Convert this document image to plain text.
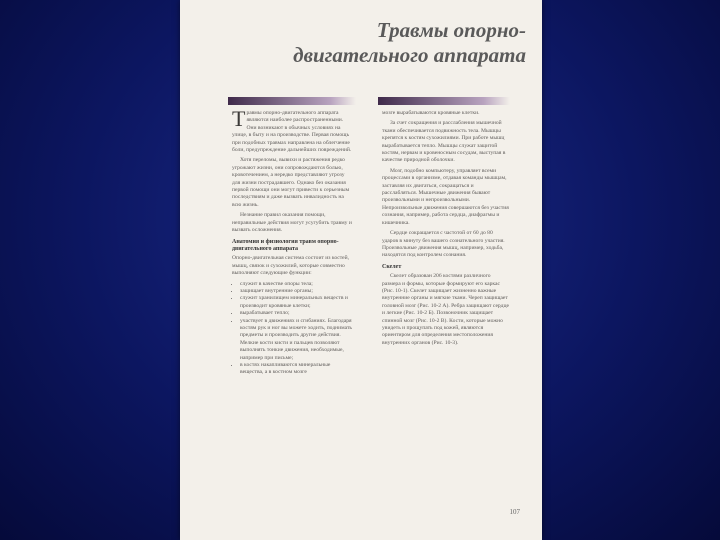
Травмы опорно-
двигательного аппарата

Травмы опорно-двигательного аппарата являются наиболее распространенными. Они возникают в обычных условиях на улице, в быту и на производстве. Первая помощь при подобных травмах направлена на облегчение боли, предупреждение дальнейших повреждений.

Хотя переломы, вывихи и растяжения редко угрожают жизни, они сопровождаются болью, кровотечением, а нередко представляют угрозу для жизни пострадавшего. Однако без оказания первой помощи они могут привести к серьезным последствиям и даже вызвать инвалидность на всю жизнь.

Незнание правил оказания помощи, неправильные действия могут усугубить травму и вызвать осложнения.

Анатомия и физиология травм опорно-двигательного аппарата

Опорно-двигательная система состоит из костей, мышц, связок и сухожилий, которые совместно выполняют следующие функции:

• служит в качестве опоры тела;
• защищает внутренние органы;
• служит хранилищем минеральных веществ и производит кровяные клетки;
• вырабатывает тепло;
• участвует в движениях и сгибаниях. Благодаря костям рук и ног вы можете ходить, поднимать предметы и производить другие действия. Мелкие кости кисти и пальцев позволяют выполнять тонкие движения, необходимые, например при письме;
• в костях накапливаются минеральные вещества, а в костном мозге

мозге вырабатываются кровяные клетки.

За счет сокращения и расслабления мышечной ткани обеспечивается подвижность тела. Мышцы крепятся к костям сухожилиями. При работе мышц вырабатывается тепло. Мышцы служат защитой костям, нервам и кровеносным сосудам, выступая в качестве природной оболочки.

Мозг, подобно компьютеру, управляет всеми процессами в организме, отдавая команды мышцам, заставляя их двигаться, сокращаться и расслабляться. Мышечные движения бывают произвольными и непроизвольными. Непроизвольные движения совершаются без участия сознания, например, работа сердца, диафрагмы и кишечника.

Сердце сокращается с частотой от 60 до 80 ударов в минуту без вашего сознательного участия. Произвольные движения мышц, например, ходьба, находятся под контролем сознания.

Скелет

Скелет образован 206 костями различного размера и формы, которые формируют его каркас (Рис. 10-1). Скелет защищает жизненно важные внутренние органы и мягкие ткани. Череп защищает головной мозг (Рис. 10-2 А). Ребра защищают сердце и легкие (Рис. 10-2 Б). Позвоночник защищает спинной мозг (Рис. 10-2 В). Кости, которые можно увидеть и прощупать под кожей, являются ориентиром для определения местоположения внутренних органов (Рис. 10-3).

107
